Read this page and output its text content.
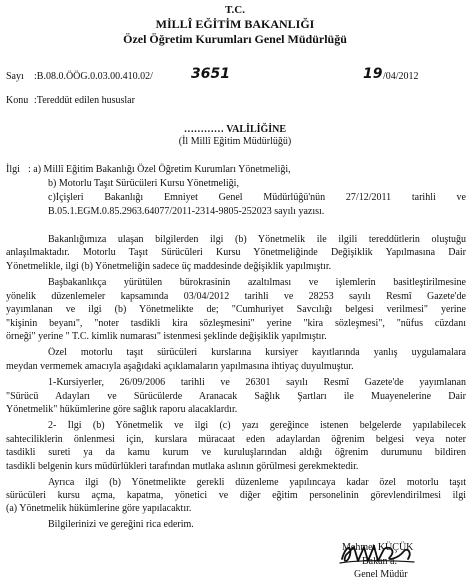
T.C.
MİLLÎ EĞİTİM BAKANLIĞI
Özel Öğretim Kurumları Genel Müdürlüğü
Sayı :B.08.0.ÖÖG.0.03.00.410.02/	3651	19 /04/2012
Konu :Tereddüt edilen hususlar
………… VALİLİĞİNE
(İl Millî Eğitim Müdürlüğü)
İlgi : a) Millî Eğitim Bakanlığı Özel Öğretim Kurumları Yönetmeliği,
b) Motorlu Taşıt Sürücüleri Kursu Yönetmeliği,
c)İçişleri Bakanlığı Emniyet Genel Müdürlüğü'nün 27/12/2011 tarihli ve
B.05.1.EGM.0.85.2963.64077/2011-2314-9805-252023 sayılı yazısı.
Bakanlığımıza ulaşan bilgilerden ilgi (b) Yönetmelik ile ilgili tereddütlerin oluştuğu
anlaşılmaktadır. Motorlu Taşıt Sürücüleri Kursu Yönetmeliğinde Değişiklik Yapılmasına Dair
Yönetmelikle, ilgi (b) Yönetmeliğin sadece üç maddesinde değişiklik yapılmıştır.
Başbakanlıkça yürütülen bürokrasinin azaltılması ve işlemlerin basitleştirilmesine
yönelik düzenlemeler kapsamında 03/04/2012 tarihli ve 28253 sayılı Resmî Gazete'de
yayımlanan ve ilgi (b) Yönetmelikte de; "Cumhuriyet Savcılığı belgesi verilmesi" yerine
"kişinin beyanı", "noter tasdikli kira sözleşmesini" yerine "kira sözleşmesi", "nüfus cüzdanı
örneği" yerine " T.C. kimlik numarası" istenmesi şeklinde değişiklik yapılmıştır.
Özel motorlu taşıt sürücüleri kurslarına kursiyer kayıtlarında yanlış uygulamalara
meydan vermemek amacıyla aşağıdaki açıklamaların yapılmasına ihtiyaç duyulmuştur.
1-Kursiyerler, 26/09/2006 tarihli ve 26301 sayılı Resmî Gazete'de yayımlanan
"Sürücü Adayları ve Sürücülerde Aranacak Sağlık Şartları ile Muayenelerine Dair
Yönetmelik" hükümlerine göre sağlık raporu alacaklardır.
2- İlgi (b) Yönetmelik ve ilgi (c) yazı gereğince istenen belgelerde yapılabilecek
sahteciliklerin önlenmesi için, kurslara müracaat eden adaylardan öğrenim belgesi veya noter
tasdikli sureti ya da kamu kurum ve kuruluşlarından aldığı öğrenim durumunu bildiren
tasdikli belgenin kurs müdürlükleri tarafından mutlaka aslının görülmesi gerekmektedir.
Ayrıca ilgi (b) Yönetmelikte gerekli düzenleme yapılıncaya kadar özel motorlu taşıt
sürücüleri kursu açma, kapatma, yönetici ve diğer eğitim personelinin görevlendirilmesi ilgi
(a) Yönetmelik hükümlerine göre yapılacaktır.
Bilgilerinizi ve gereğini rica ederim.
Mehmet KÜÇÜK
Bakan a.
Genel Müdür
